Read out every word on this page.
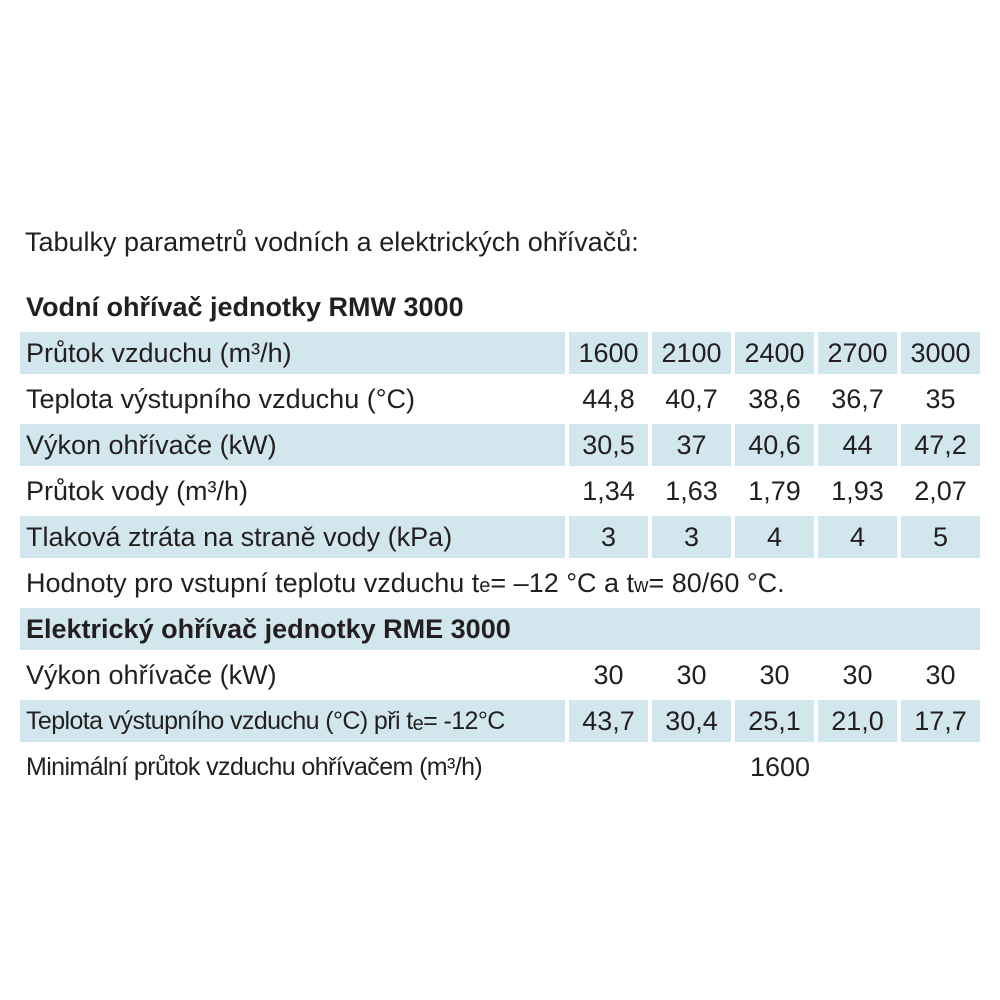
Tabulky parametrů vodních a elektrických ohřívačů:
Vodní ohřívač jednotky RMW 3000
Průtok vzduchu (m³/h)	1600 2100 2400 2700 3000
Teplota výstupního vzduchu (°C)	44,8	40,7	38,6	36,7	35
Výkon ohřívače (kW)	30,5	37	40,6	44	47,2
Průtok vody (m³/h)	1,34	1,63	1,79	1,93	2,07
Tlaková ztráta na straně vody (kPa)	3	3	4	4	5
Hodnoty pro vstupní teplotu vzduchu t e = –12 °C a t w = 80/60 °C.
Elektrický ohřívač jednotky RME 3000
Výkon ohřívače (kW)	30	30	30	30	30
Teplota výstupního vzduchu (°C) při t e = -12°C	43,7	30,4	25,1	21,0	17,7
Minimální průtok vzduchu ohřívačem (m³/h)	1600
